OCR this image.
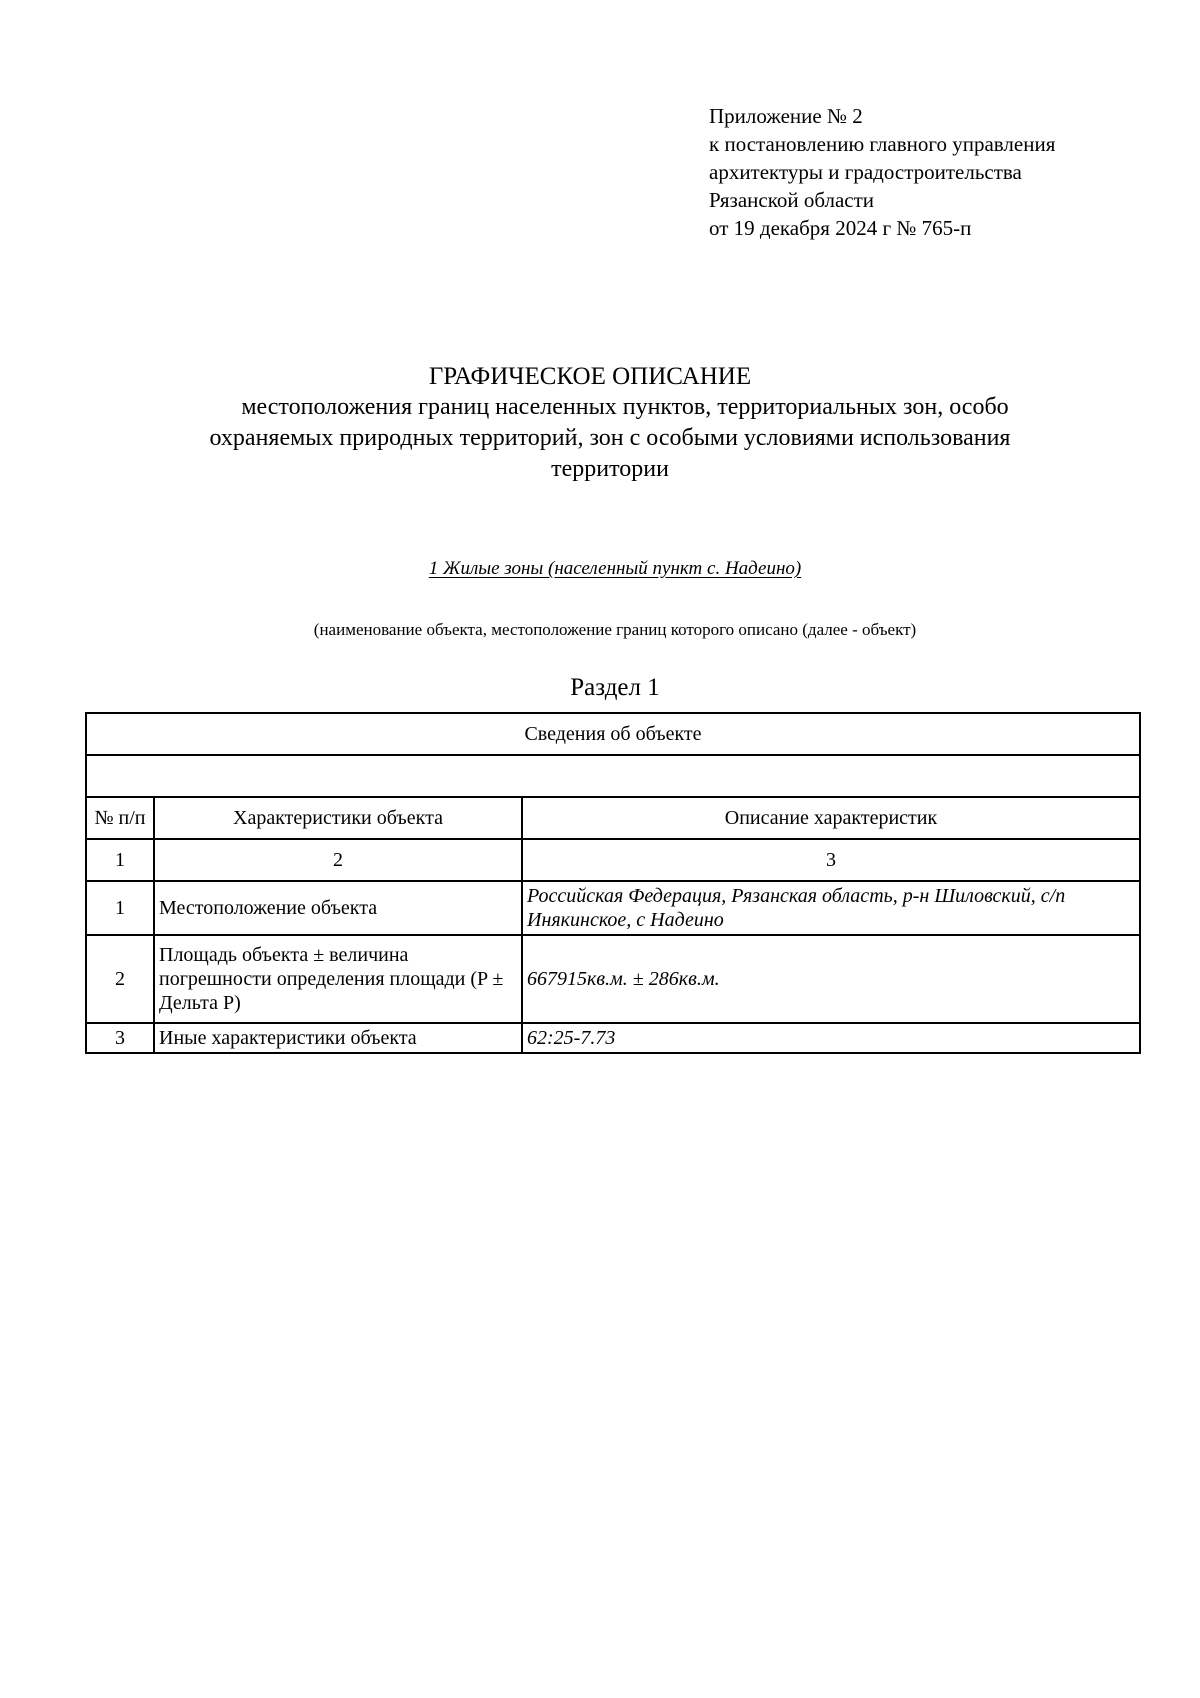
Приложение № 2
к постановлению главного управления
архитектуры и градостроительства
Рязанской области
от 19 декабря 2024 г № 765-п
ГРАФИЧЕСКОЕ ОПИСАНИЕ
местоположения границ населенных пунктов, территориальных зон, особо
охраняемых природных территорий, зон с особыми условиями использования
территории
1 Жилые зоны (населенный пункт с. Надеино)
(наименование объекта, местоположение границ которого описано (далее - объект)
Раздел 1
Сведения об объекте		

№ п/п	Характеристики объекта	Описание характеристик
1	2	3
1	Местоположение объекта	Российская Федерация, Рязанская область, р-н Шиловский, с/п Инякинское, с Надеино
2	Площадь объекта ± величина погрешности определения площади (P ± Дельта P)	667915кв.м. ± 286кв.м.
3	Иные характеристики объекта	62:25-7.73
